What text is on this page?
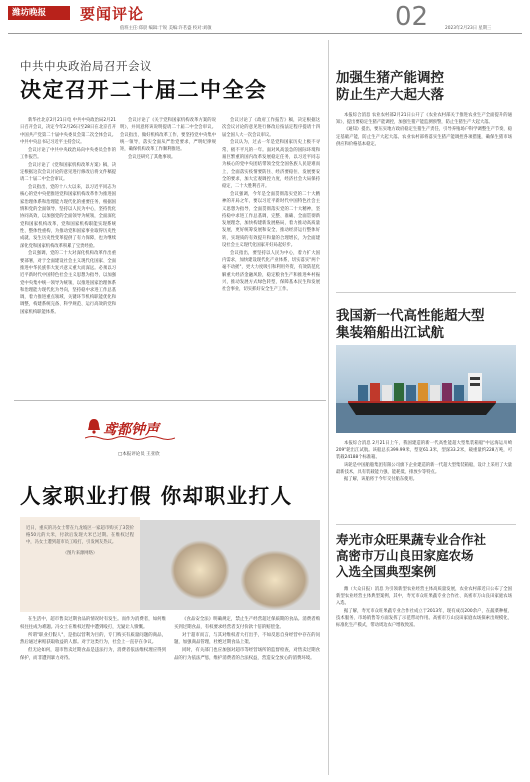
潍坊晚报	要闻评论	02
值班主任:郑晨 编辑:于锐 美编:许茗盛 校对:刘敏	2023年2月23日 星期三
中共中央政治局召开会议
决定召开二十届二中全会

新华社北京2月21日电 中共中央政治局2月21日召开会议，决定今年2月26日至28日在北京召开中国共产党第二十届中央委员会第二次全体会议。中共中央总书记习近平主持会议。

会议讨论了中共中央政治局向中央委员会作的工作报告。

会议讨论了《党和国家机构改革方案》稿，决定根据这次会议讨论的意见进行修改后将文件稿提请二十届二中全会审议。

会议指出，党的十八大以来，以习近平同志为核心的党中央把推进党和国家机构改革作为推进国家治理体系和治理能力现代化的重要任务，根据国情和党的全面领导、坚持以人民为中心，坚持优化协同高效，以加强党的全面领导为统领，全面深化党和国家机构改革，党和国家机构职能实现系统性、整体性重构，为推动党和国家事业取得历史性成就、发生历史性变革提供了有力保障，也为继续深化党和国家机构改革积累了宝贵经验。

会议强调，党的二十大对深化机构改革作出重要部署，对于全面建设社会主义现代化国家、全面推进中华民族伟大复兴意义重大而深远。必须以习近平新时代中国特色社会主义思想为指导，以加强党中央集中统一领导为统领，以推进国家治理体系和治理能力现代化为导向，坚持稳中求进工作总基调，着力推进重点领域、关键环节机构职能优化和调整，构建系统完备、科学规范、运行高效的党和国家机构职能体系。

会议讨论了《关于党和国家机构改革方案的说明》，并同意将该说明提请二十届二中全会审议。会议指出，做好机构改革工作，要坚持党中央集中统一领导，落实全面从严治党要求，严明纪律规矩，确保机构改革工作顺利推进。

会议还研究了其他事项。

会议讨论了《政府工作报告》稿，决定根据这次会议讨论的意见进行修改后按法定程序提请十四届全国人大一次会议审议。

会议认为，过去一年是党和国家历史上极不寻常、极不平凡的一年。面对风高浪急的国际环境和艰巨繁重的国内改革发展稳定任务，以习近平同志为核心的党中央团结带领全党全国各族人民迎难而上，全面落实疫情要防住、经济要稳住、发展要安全的要求，加大宏观调控力度，经济社会大局保持稳定，二十大胜利召开。

会议强调，今年是全面贯彻落实党的二十大精神的开局之年，要以习近平新时代中国特色社会主义思想为指导，全面贯彻落实党的二十大精神，坚持稳中求进工作总基调，完整、准确、全面贯彻新发展理念，加快构建新发展格局，着力推动高质量发展，更好统筹发展和安全，推动经济运行整体好转，实现质的有效提升和量的合理增长，为全面建设社会主义现代化国家开好局起好步。

会议指出，要坚持以人民为中心，着力扩大国内需求，加快建设现代化产业体系，切实落实"两个毫不动摇"，更大力度吸引和利用外资，有效防范化解重大经济金融风险，稳定粮食生产和推进乡村振兴，推动发展方式绿色转型，保障基本民生和发展社会事业，切实抓好安全生产工作。

加强生猪产能调控
防止生产大起大落

本报综合消息 农业农村部2月21日公开了《农业农村部关于推进农业生产全面提升的通知》，提出要稳定生猪产能调控，加强生猪产能监测预警，防止生猪生产大起大落。

《通知》提出，要压实地方政府稳定生猪生产责任，引导养殖场户科学调整生产节奏，稳定基础产能，防止生产大起大落。农业农村部将落实生猪产能调控各项措施，确保生猪市场供应和价格基本稳定。

我国新一代高性能超大型
集装箱船出江试航

本报综合消息 2月21日上午，我国建造的新一代高性能超大型集装箱船"中远海运川崎209"轮出江试航。该船总长399.99米，型宽61.3米，型深33.2米，载重量约228万吨，可装载24188个标准箱。

该轮是中国船舶集团有限公司旗下企业建造的新一代超大型集装箱船，设计上采用了大量最新技术，具有装载能力强、能耗低、排放少等特点。

据了解，该船将于今年交付船东使用。

寿光市众旺果蔬专业合作社
高密市万山良田家庭农场
入选全国典型案例

潍（大众日报）消息 为引领新型农业经营主体高质量发展，农业农村部近日公布了全国新型农业经营主体典型案例，其中，寿光市众旺果蔬专业合作社、高密市万山良田家庭农场入选。

据了解，寿光市众旺果蔬专业合作社成立于2013年，现有成员200余户，在蔬菜种植、技术服务、市场销售等方面发挥了示范带动作用。高密市万山良田家庭农场探索出规模化、标准化生产模式，带动周边农户增收致富。

鸢都钟声
□本报评论员 王亚欣
人家职业打假 你却职业打人
近日，重庆的冯女士带在九龙坡区一家超市购买了3袋价格50元的大米，付款后发现大米已过期。在维权过程中，冯女士遭到超市员工殴打，引发网友热议。
（图片来源网络）

在生活中，超市售卖过期食品的情况时有发生。而作为消费者，如何维权往往成为难题。冯女士在维权过程中遭到殴打，无疑让人愤慨。

所谓"职业打假人"，是指以营利为目的，专门购买有质量问题的商品，然后通过索赔获取收益的人群。对于这类行为，社会上一直存在争议。

但无论如何，超市售卖过期食品是违法行为，消费者依法维权理应得到保护，而非遭到暴力对待。

《食品安全法》明确规定，禁止生产经营超过保质期的食品。消费者购买到过期食品，有权要求经营者支付价款十倍的赔偿金。

对于超市而言，与其对维权者大打出手，不如反思自身经营中存在的问题，加强商品管理，杜绝过期食品上架。

同时，有关部门也应加强对超市等经营场所的监督检查，对售卖过期食品的行为依法严惩，维护消费者的合法权益，营造安全放心的消费环境。
